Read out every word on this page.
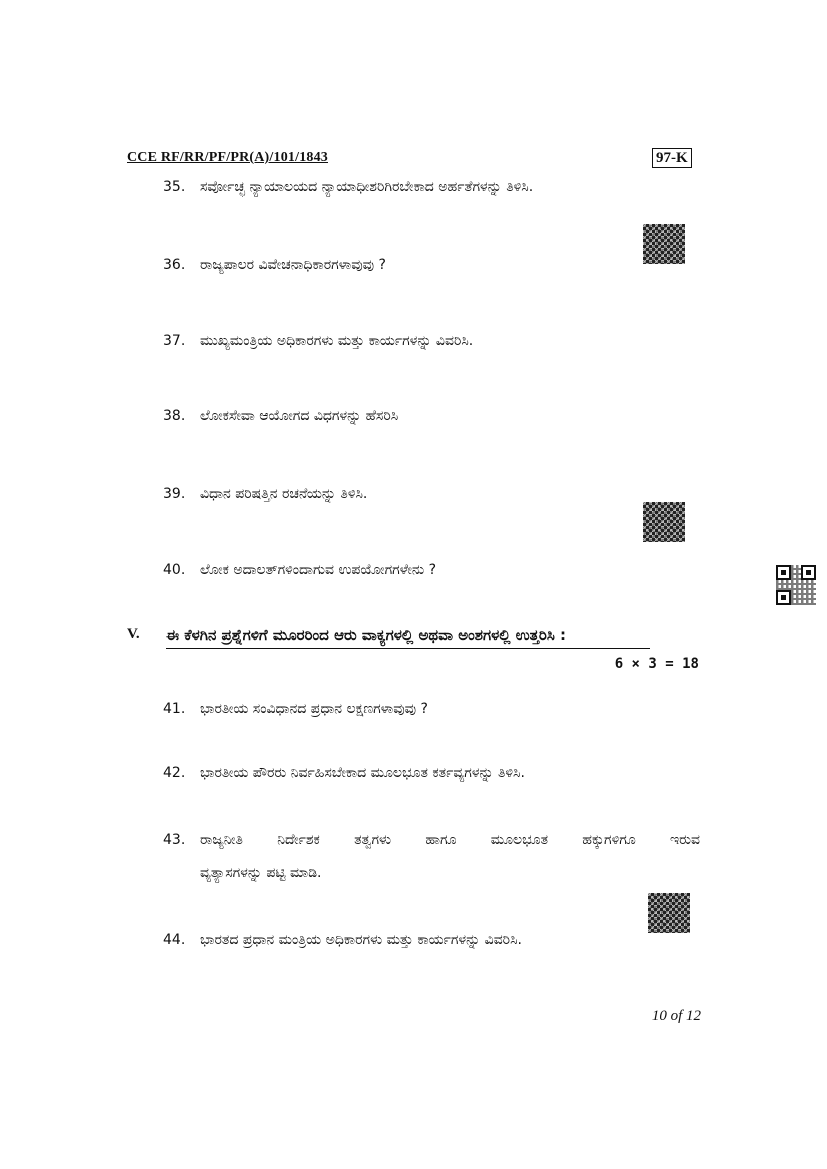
CCE RF/RR/PF/PR(A)/101/1843	97-K
35. ಸರ್ವೋಚ್ಛ ನ್ಯಾಯಾಲಯದ ನ್ಯಾಯಾಧೀಶರಿಗಿರಬೇಕಾದ ಅರ್ಹತೆಗಳನ್ನು ತಿಳಿಸಿ.
36. ರಾಜ್ಯಪಾಲರ ವಿವೇಚನಾಧಿಕಾರಗಳಾವುವು ?
37. ಮುಖ್ಯಮಂತ್ರಿಯ ಅಧಿಕಾರಗಳು ಮತ್ತು ಕಾರ್ಯಗಳನ್ನು ವಿವರಿಸಿ.
38. ಲೋಕಸೇವಾ ಆಯೋಗದ ವಿಧಗಳನ್ನು ಹೆಸರಿಸಿ
39. ವಿಧಾನ ಪರಿಷತ್ತಿನ ರಚನೆಯನ್ನು ತಿಳಿಸಿ.
40. ಲೋಕ ಅದಾಲತ್‌ಗಳಿಂದಾಗುವ ಉಪಯೋಗಗಳೇನು ?
V. ಈ ಕೆಳಗಿನ ಪ್ರಶ್ನೆಗಳಿಗೆ ಮೂರರಿಂದ ಆರು ವಾಕ್ಯಗಳಲ್ಲಿ ಅಥವಾ ಅಂಶಗಳಲ್ಲಿ ಉತ್ತರಿಸಿ :
6 × 3 = 18
41. ಭಾರತೀಯ ಸಂವಿಧಾನದ ಪ್ರಧಾನ ಲಕ್ಷಣಗಳಾವುವು ?
42. ಭಾರತೀಯ ಪೌರರು ನಿರ್ವಹಿಸಬೇಕಾದ ಮೂಲಭೂತ ಕರ್ತವ್ಯಗಳನ್ನು ತಿಳಿಸಿ.
43. ರಾಜ್ಯನೀತಿ ನಿರ್ದೇಶಕ ತತ್ವಗಳು ಹಾಗೂ ಮೂಲಭೂತ ಹಕ್ಕುಗಳಿಗೂ ಇರುವ
ವ್ಯತ್ಯಾಸಗಳನ್ನು ಪಟ್ಟಿ ಮಾಡಿ.
44. ಭಾರತದ ಪ್ರಧಾನ ಮಂತ್ರಿಯ ಅಧಿಕಾರಗಳು ಮತ್ತು ಕಾರ್ಯಗಳನ್ನು ವಿವರಿಸಿ.
10 of 12
